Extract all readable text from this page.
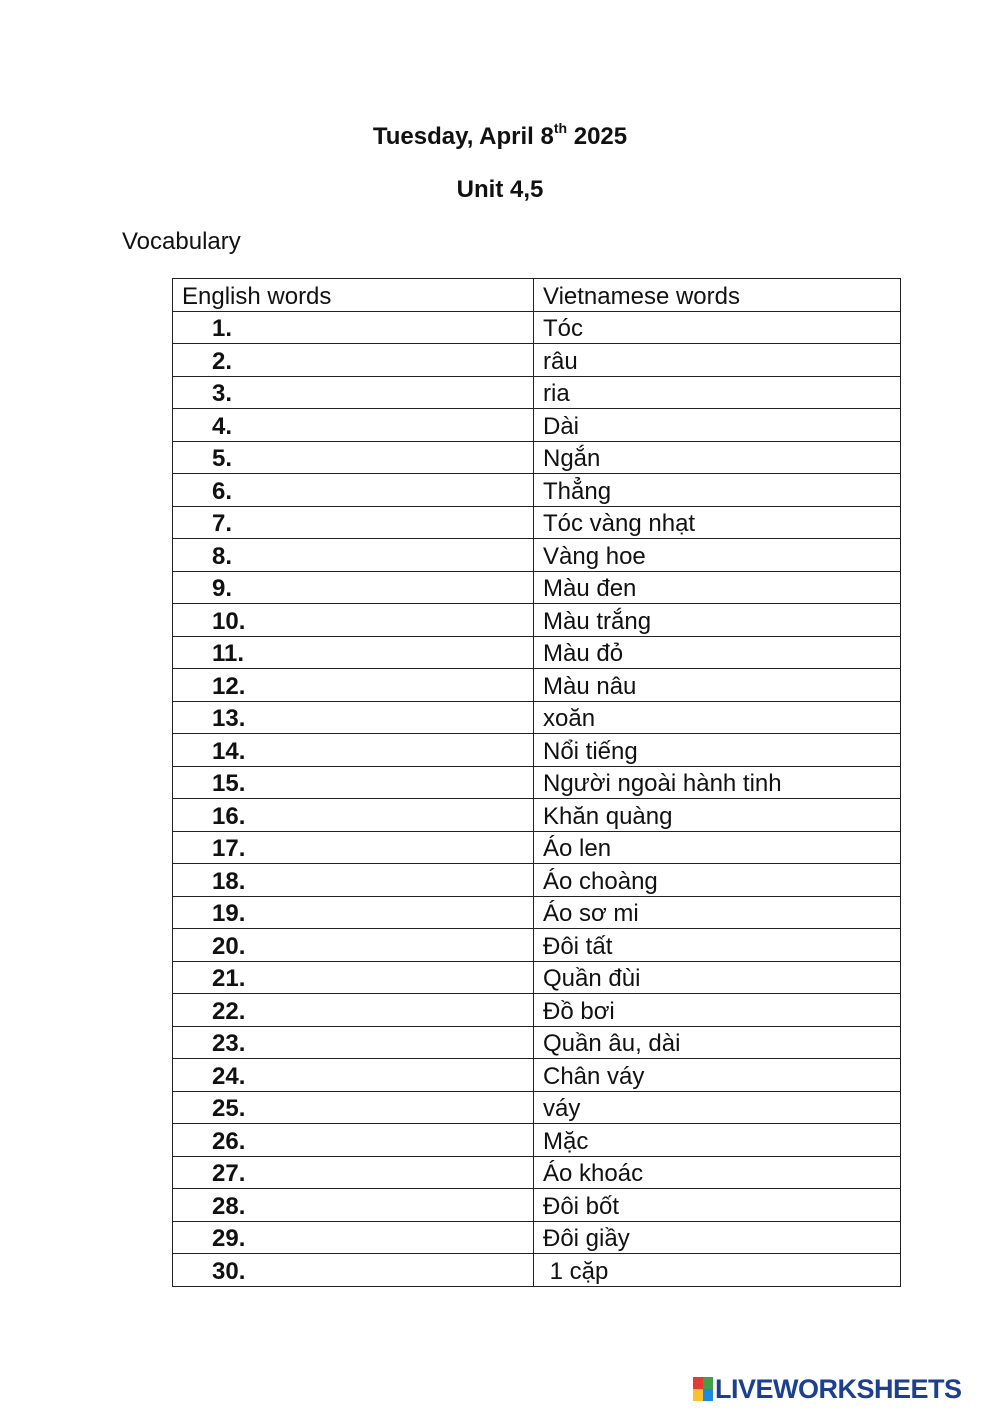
Tuesday, April 8th 2025
Unit 4,5
Vocabulary
English words	Vietnamese words
1.	Tóc
2.	râu
3.	ria
4.	Dài
5.	Ngắn
6.	Thẳng
7.	Tóc vàng nhạt
8.	Vàng hoe
9.	Màu đen
10.	Màu trắng
11.	Màu đỏ
12.	Màu nâu
13.	xoăn
14.	Nổi tiếng
15.	Người ngoài hành tinh
16.	Khăn quàng
17.	Áo len
18.	Áo choàng
19.	Áo sơ mi
20.	Đôi tất
21.	Quần đùi
22.	Đồ bơi
23.	Quần âu, dài
24.	Chân váy
25.	váy
26.	Mặc
27.	Áo khoác
28.	Đôi bốt
29.	Đôi giầy
30.	1 cặp
LIVEWORKSHEETS
